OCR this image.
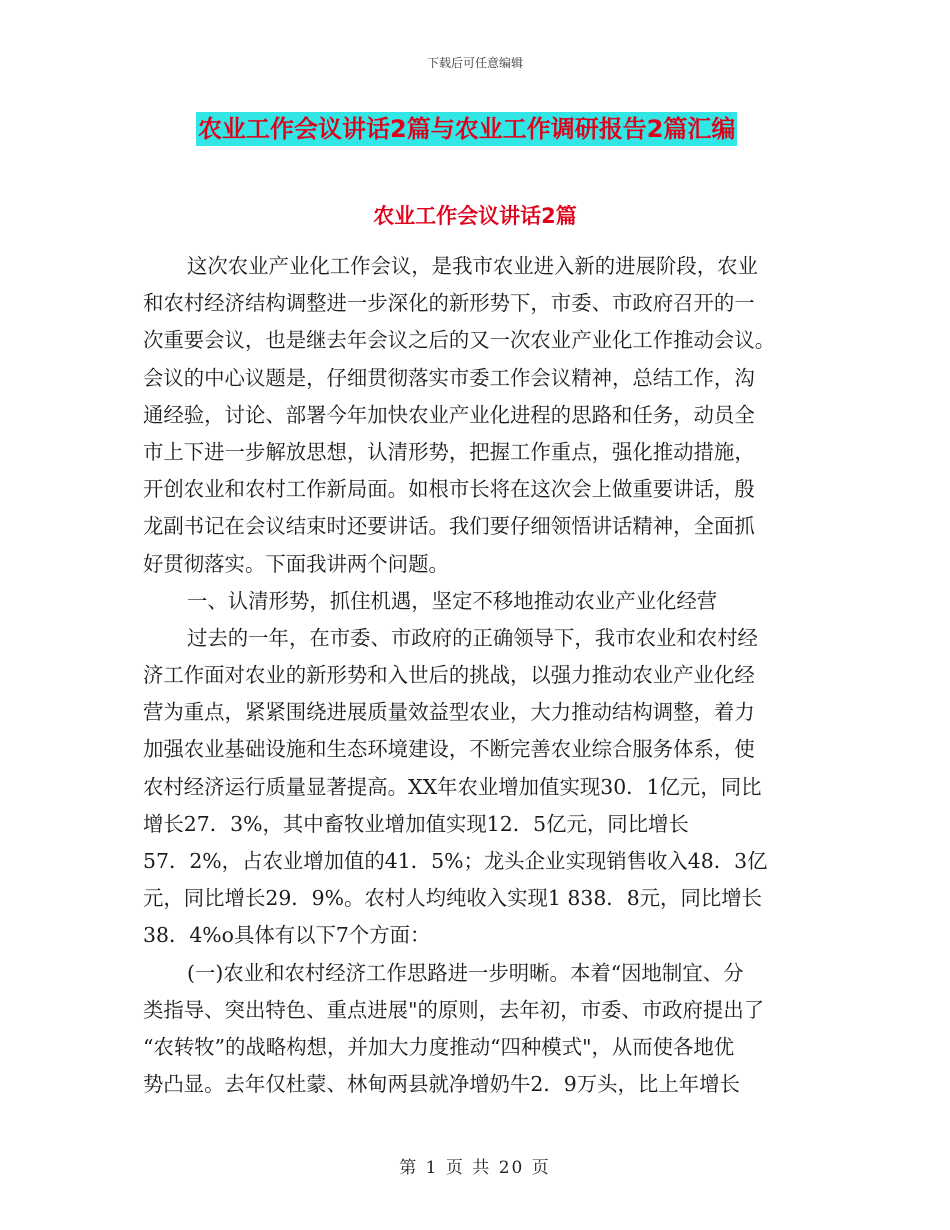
下载后可任意编辑
农业工作会议讲话2篇与农业工作调研报告2篇汇编
农业工作会议讲话2篇
这次农业产业化工作会议，是我市农业进入新的进展阶段，农业
和农村经济结构调整进一步深化的新形势下，市委、市政府召开的一
次重要会议，也是继去年会议之后的又一次农业产业化工作推动会议。
会议的中心议题是，仔细贯彻落实市委工作会议精神，总结工作，沟
通经验，讨论、部署今年加快农业产业化进程的思路和任务，动员全
市上下进一步解放思想，认清形势，把握工作重点，强化推动措施，
开创农业和农村工作新局面。如根市长将在这次会上做重要讲话，殷
龙副书记在会议结束时还要讲话。我们要仔细领悟讲话精神，全面抓
好贯彻落实。下面我讲两个问题。
一、认清形势，抓住机遇，坚定不移地推动农业产业化经营
过去的一年，在市委、市政府的正确领导下，我市农业和农村经
济工作面对农业的新形势和入世后的挑战，以强力推动农业产业化经
营为重点，紧紧围绕进展质量效益型农业，大力推动结构调整，着力
加强农业基础设施和生态环境建设，不断完善农业综合服务体系，使
农村经济运行质量显著提高。XX年农业增加值实现30．1亿元，同比
增长27．3%，其中畜牧业增加值实现12．5亿元，同比增长
57．2%，占农业增加值的41．5%；龙头企业实现销售收入48．3亿
元，同比增长29．9%。农村人均纯收入实现1 838．8元，同比增长
38．4%o具体有以下7个方面：
(一)农业和农村经济工作思路进一步明晰。本着“因地制宜、分
类指导、突出特色、重点进展"的原则，去年初，市委、市政府提出了
“农转牧”的战略构想，并加大力度推动“四种模式"，从而使各地优
势凸显。去年仅杜蒙、林甸两县就净增奶牛2．9万头，比上年增长
第 1 页 共 20 页
